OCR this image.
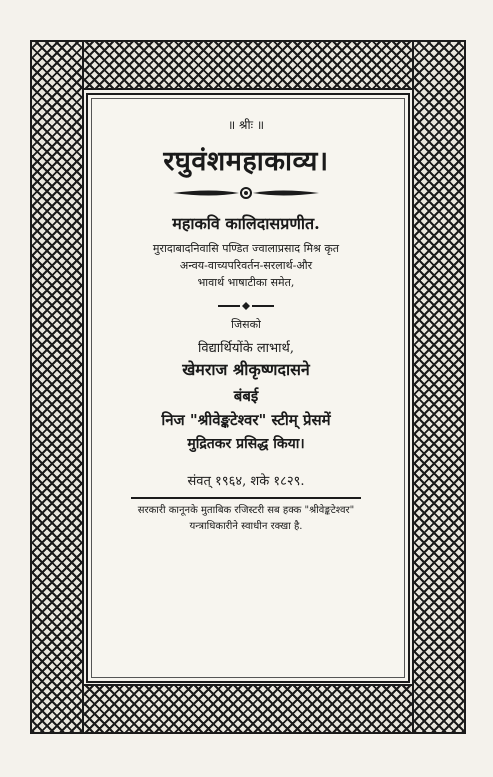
॥ श्रीः ॥
रघुवंशमहाकाव्य।
महाकवि कालिदासप्रणीत.
मुरादाबादनिवासि पण्डित ज्वालाप्रसाद मिश्र कृत
अन्वय-वाच्यपरिवर्तन-सरलार्थ-और
भावार्थ भाषाटीका समेत,
जिसको
विद्यार्थियोंके लाभार्थ,
खेमराज श्रीकृष्णदासने
बंबई
निज "श्रीवेङ्कटेश्वर" स्टीम् प्रेसमें
मुद्रितकर प्रसिद्ध किया।
संवत् १९६४, शके १८२९.
सरकारी कानूनके मुताबिक रजिस्टरी सब हक्क "श्रीवेङ्कटेश्वर"
यन्त्राधिकारीने स्वाधीन रक्खा है.
